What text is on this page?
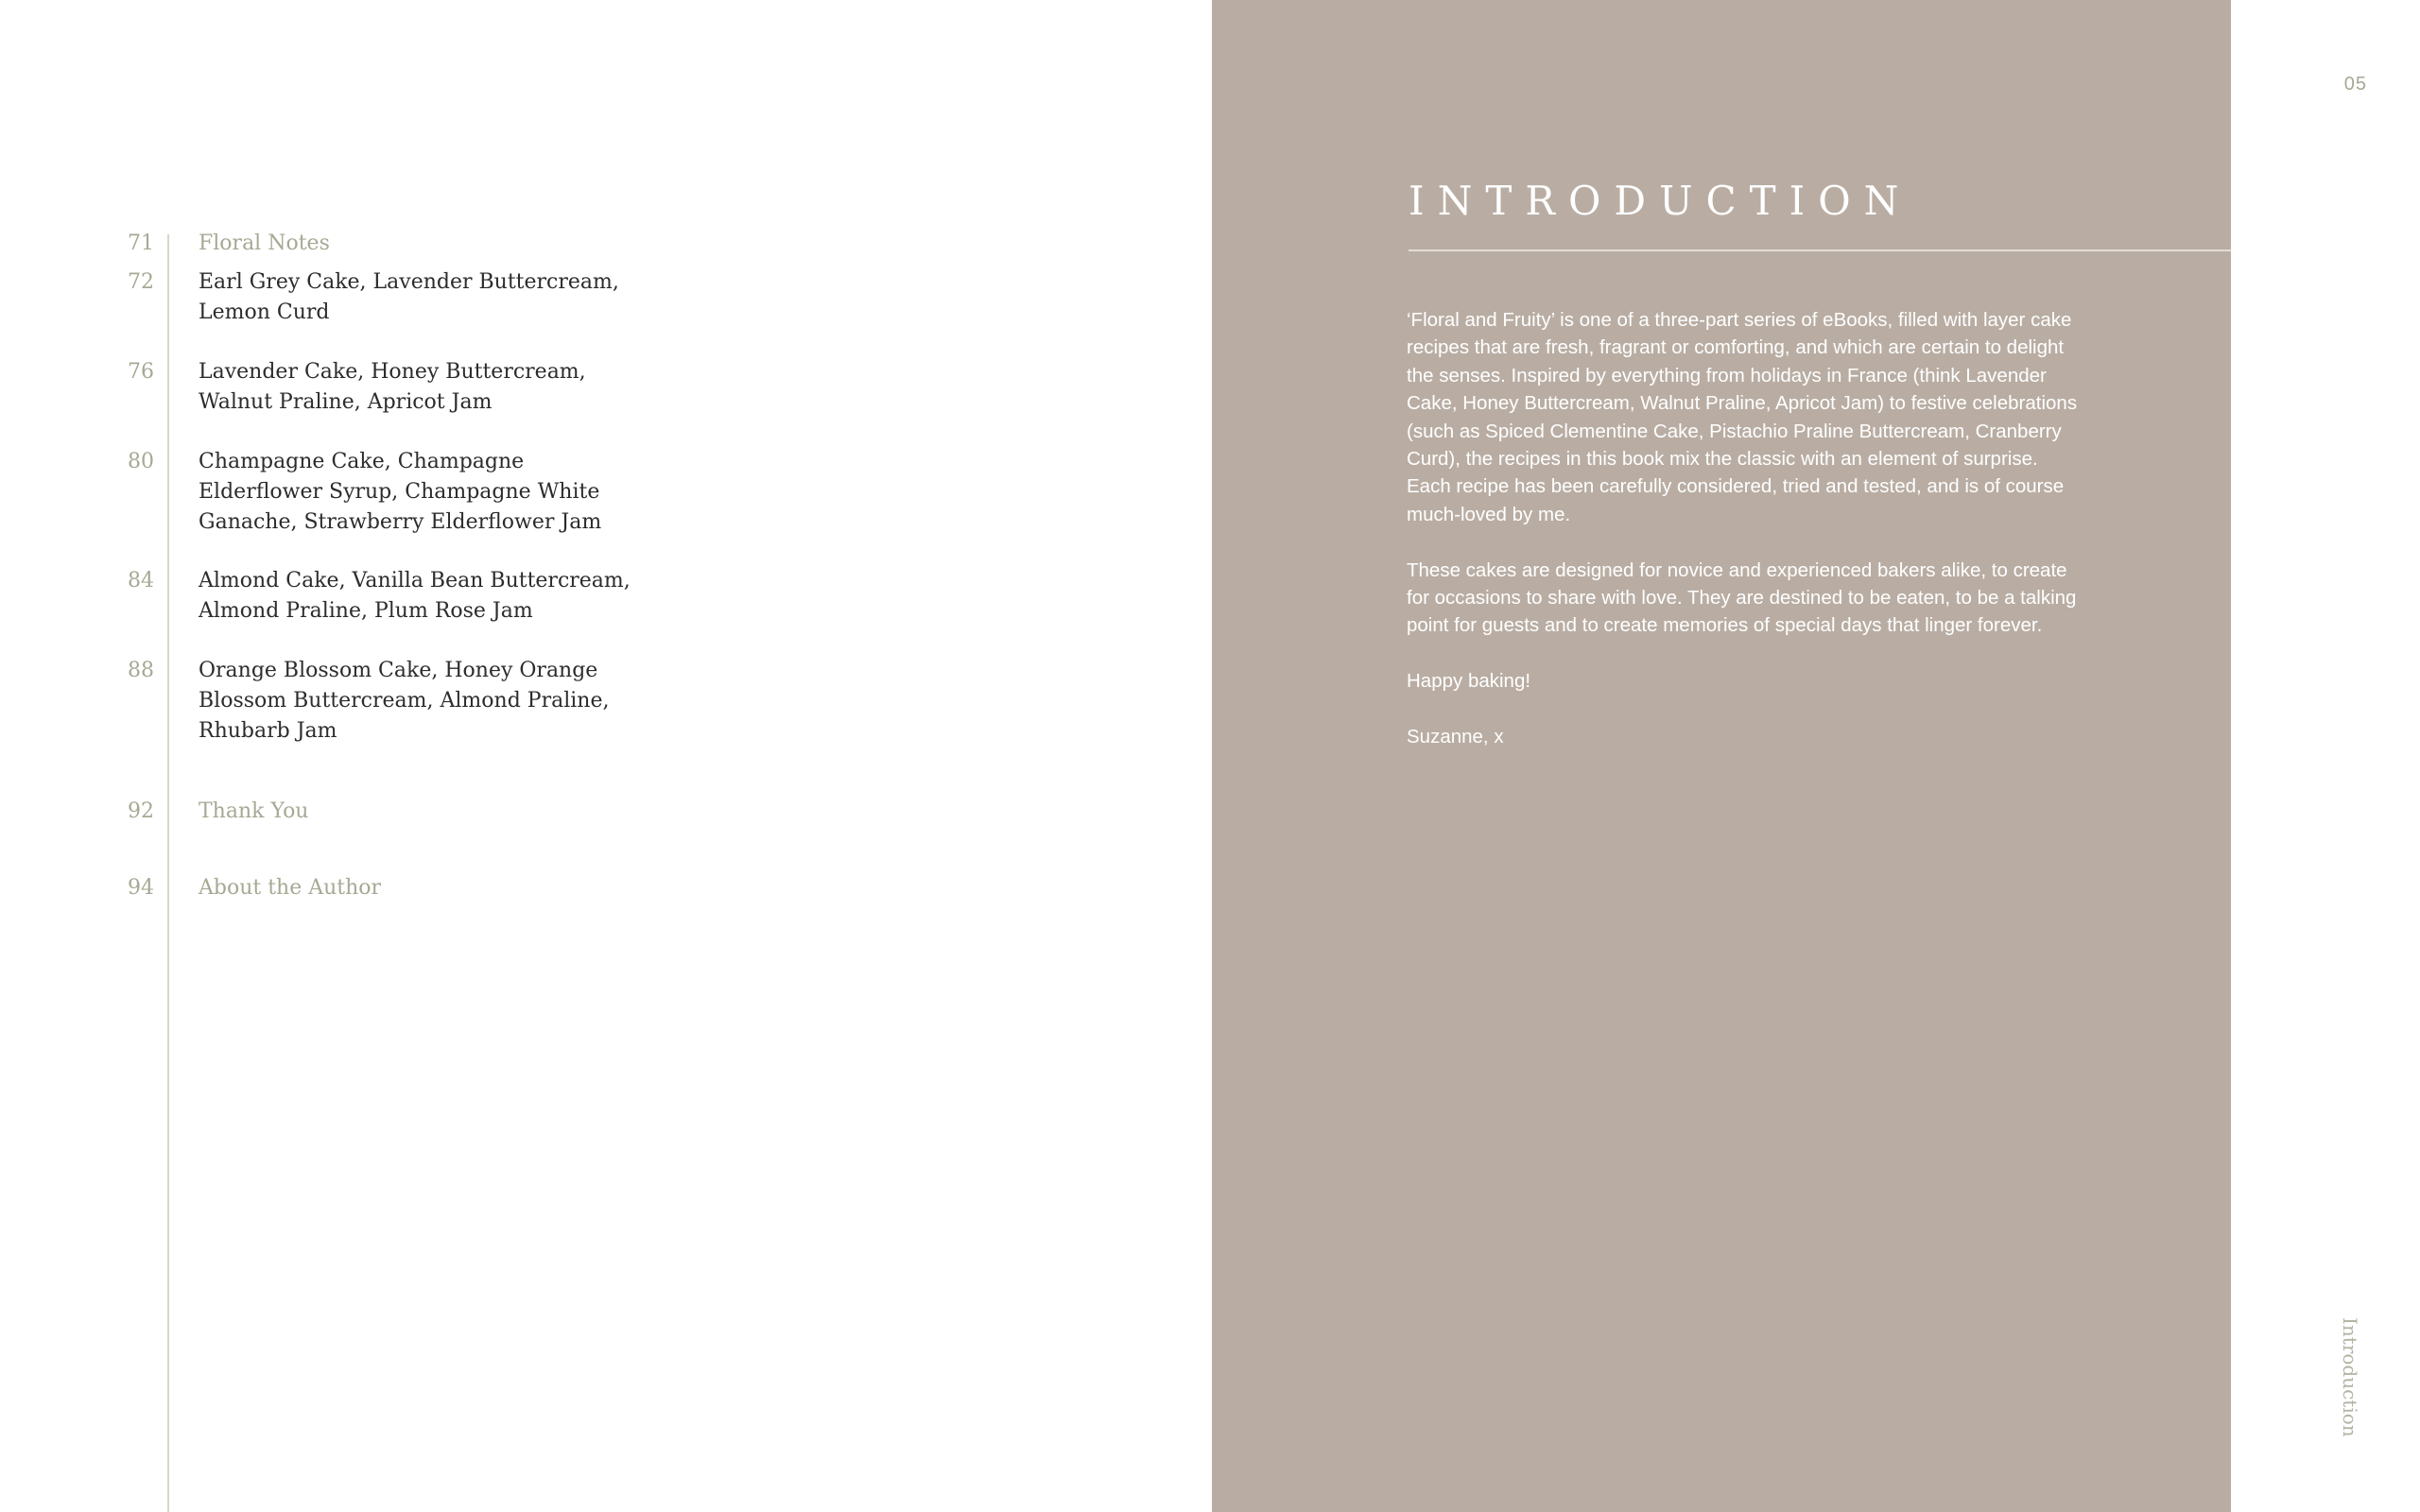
71 Floral Notes
72 Earl Grey Cake, Lavender Buttercream, Lemon Curd
76 Lavender Cake, Honey Buttercream, Walnut Praline, Apricot Jam
80 Champagne Cake, Champagne Elderflower Syrup, Champagne White Ganache, Strawberry Elderflower Jam
84 Almond Cake, Vanilla Bean Buttercream, Almond Praline, Plum Rose Jam
88 Orange Blossom Cake, Honey Orange Blossom Buttercream, Almond Praline, Rhubarb Jam
92 Thank You
94 About the Author
INTRODUCTION

‘Floral and Fruity’ is one of a three-part series of eBooks, filled with layer cake recipes that are fresh, fragrant or comforting, and which are certain to delight the senses. Inspired by everything from holidays in France (think Lavender Cake, Honey Buttercream, Walnut Praline, Apricot Jam) to festive celebrations (such as Spiced Clementine Cake, Pistachio Praline Buttercream, Cranberry Curd), the recipes in this book mix the classic with an element of surprise. Each recipe has been carefully considered, tried and tested, and is of course much-loved by me.

These cakes are designed for novice and experienced bakers alike, to create for occasions to share with love. They are destined to be eaten, to be a talking point for guests and to create memories of special days that linger forever.

Happy baking!

Suzanne, x

05
Introduction
